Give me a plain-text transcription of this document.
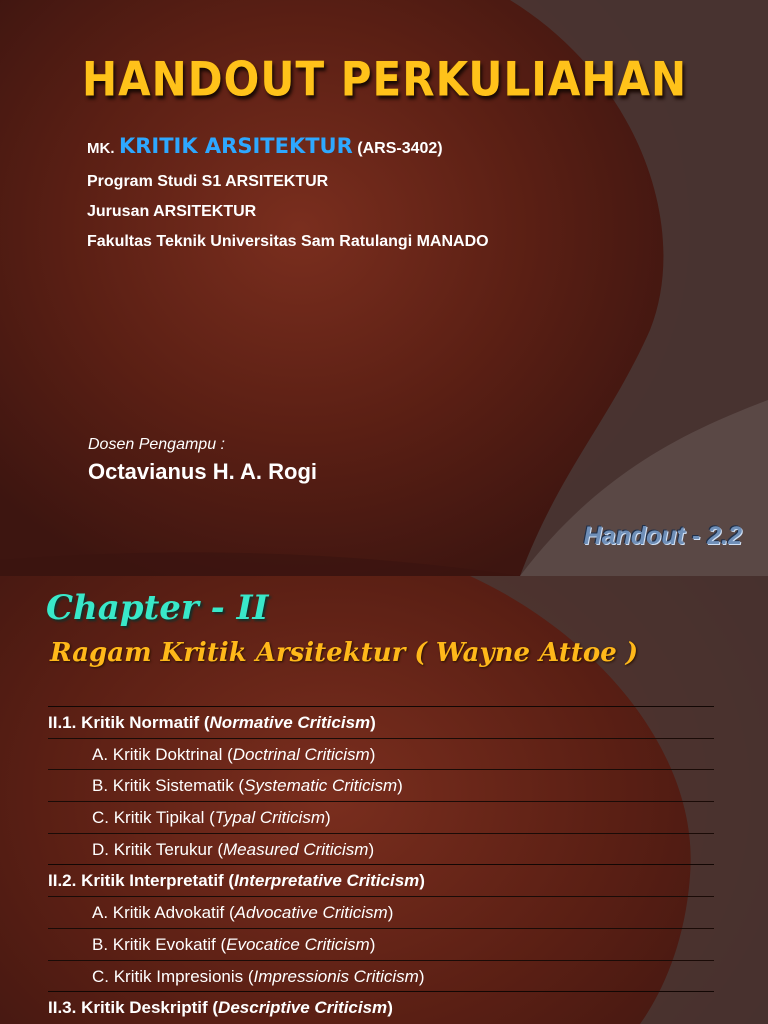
HANDOUT PERKULIAHAN
MK. KRITIK ARSITEKTUR (ARS-3402)
Program Studi S1 ARSITEKTUR
Jurusan ARSITEKTUR
Fakultas Teknik Universitas Sam Ratulangi MANADO
Dosen Pengampu :
Octavianus H. A. Rogi
Handout - 2.2
Chapter - II
Ragam Kritik Arsitektur ( Wayne Attoe )
II.1. Kritik Normatif (Normative Criticism)
A. Kritik Doktrinal (Doctrinal Criticism)
B. Kritik Sistematik (Systematic Criticism)
C. Kritik Tipikal (Typal Criticism)
D. Kritik Terukur (Measured Criticism)
II.2. Kritik Interpretatif (Interpretative Criticism)
A. Kritik Advokatif (Advocative Criticism)
B. Kritik Evokatif (Evocatice Criticism)
C. Kritik Impresionis (Impressionis Criticism)
II.3. Kritik Deskriptif (Descriptive Criticism)
